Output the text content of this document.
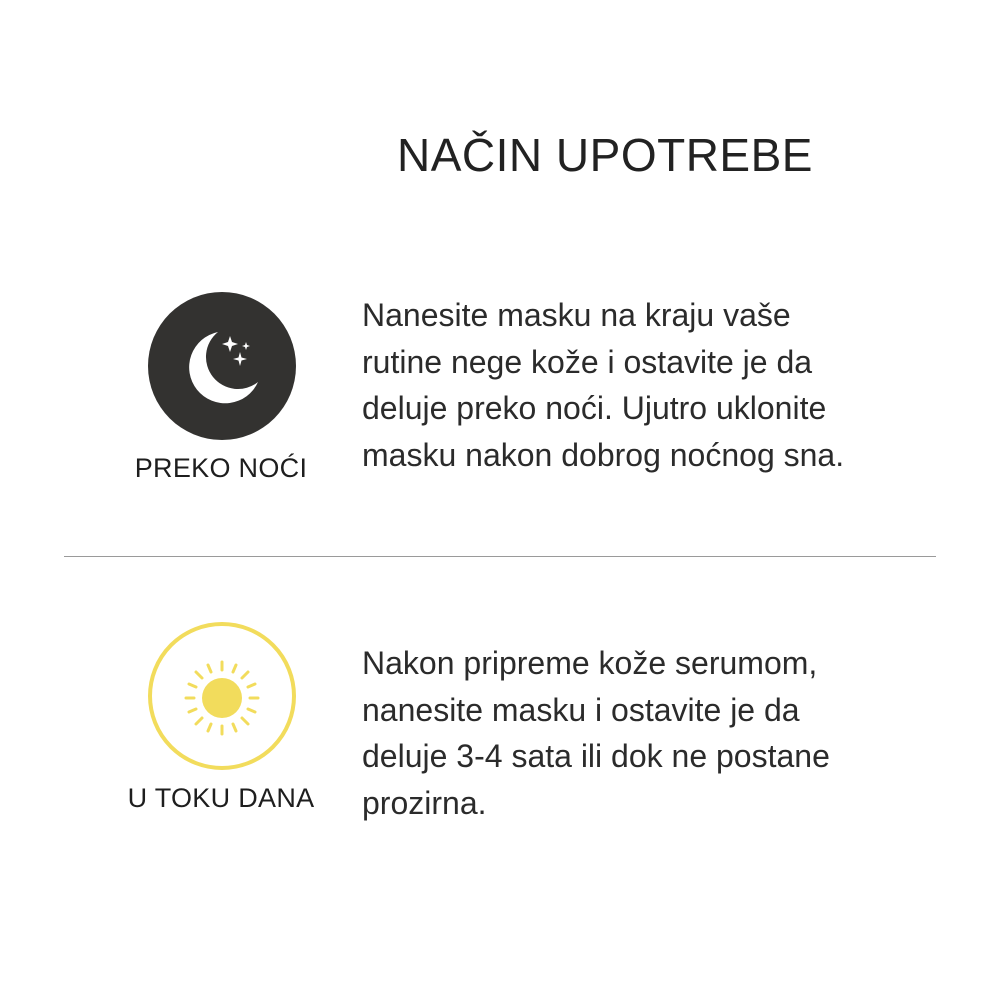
NAČIN UPOTREBE
PREKO NOĆI
Nanesite masku na kraju vaše
rutine nege kože i ostavite je da
deluje preko noći. Ujutro uklonite
masku nakon dobrog noćnog sna.
U TOKU DANA
Nakon pripreme kože serumom,
nanesite masku i ostavite je da
deluje 3-4 sata ili dok ne postane
prozirna.
